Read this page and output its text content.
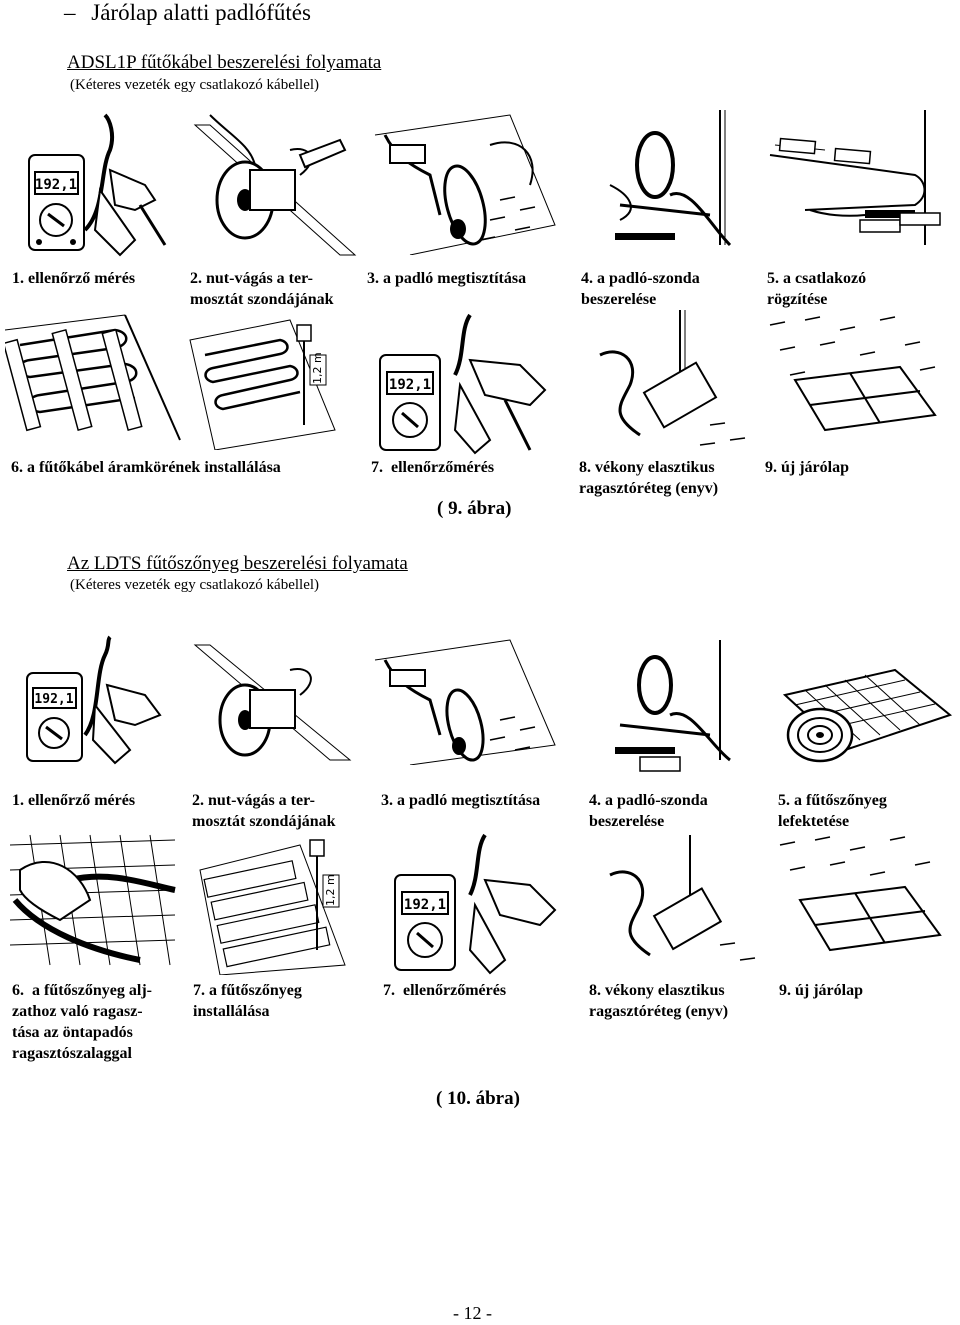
– Járólap alatti padlófűtés
ADSL1P fűtőkábel beszerelési folyamata
(Kéteres vezeték egy csatlakozó kábellel)
192,1
1. ellenőrző mérés	2. nut-vágás a ter-
mosztát szondájának
3. a padló megtisztítása	4. a padló-szonda
beszerelése
5. a csatlakozó
rögzítése
1,2 m
192,1
6. a fűtőkábel áramkörének installálása	7.  ellenőrzőmérés	8. vékony elasztikus
ragasztóréteg (enyv)
9. új járólap
( 9. ábra)
Az LDTS fűtőszőnyeg beszerelési folyamata
(Kéteres vezeték egy csatlakozó kábellel)
192,1
1. ellenőrző mérés	2. nut-vágás a ter-
mosztát szondájának
3. a padló megtisztítása	4. a padló-szonda
beszerelése
5. a fűtőszőnyeg
lefektetése
1,2 m	192,1
6.  a fűtőszőnyeg alj-
zathoz való ragasz-
tása az öntapadós
ragasztószalaggal
7. a fűtőszőnyeg
installálása
7.  ellenőrzőmérés	8. vékony elasztikus
ragasztóréteg (enyv)
9. új járólap
( 10. ábra)
- 12 -
